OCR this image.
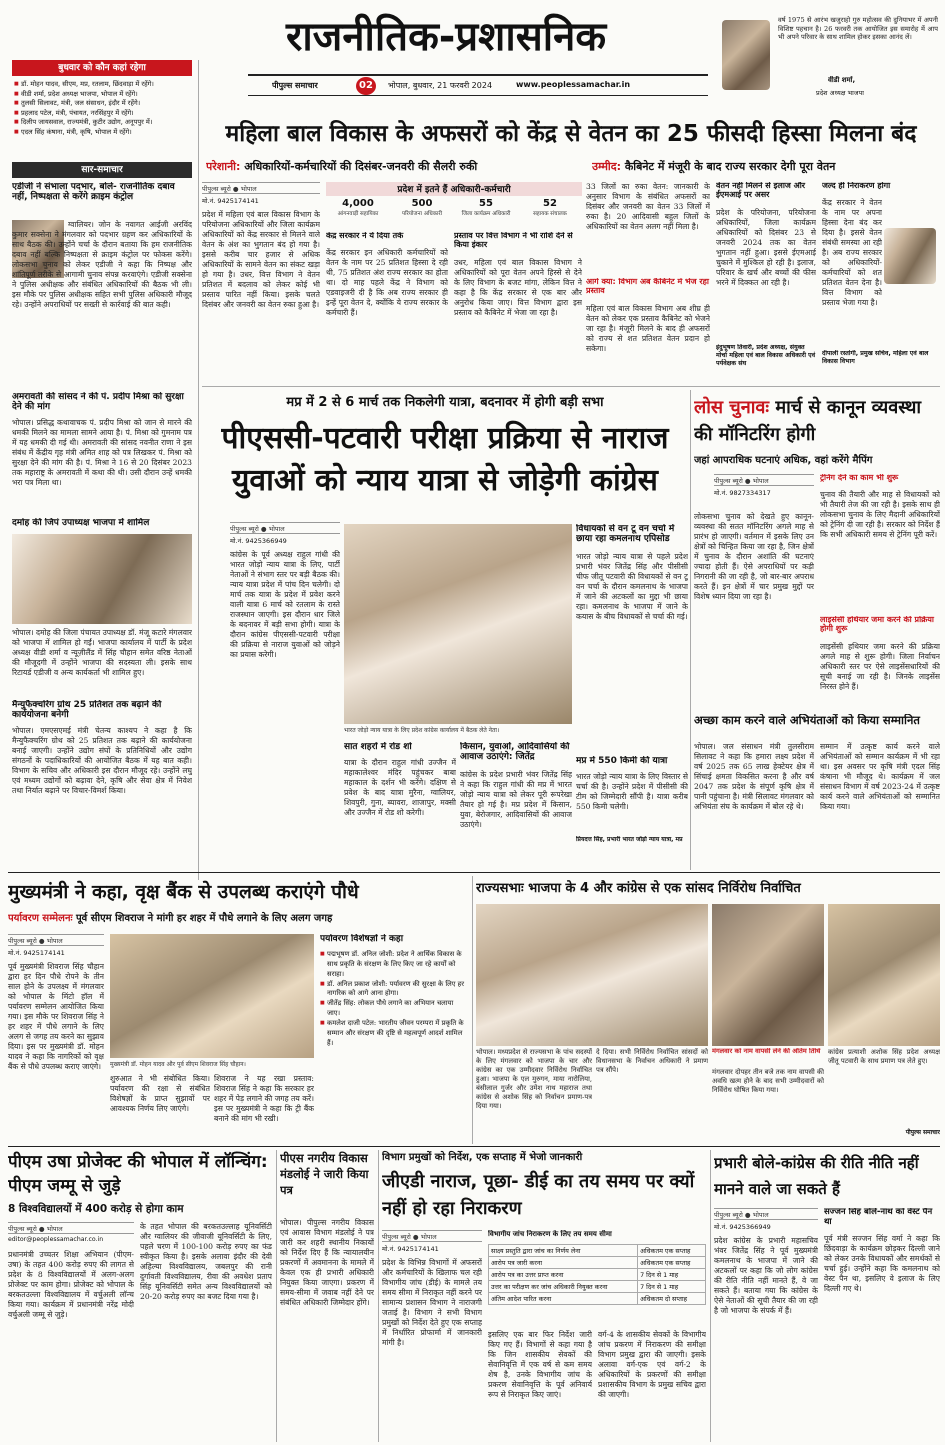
राजनीतिक-प्रशासनिक
पीपुल्स समाचार	02	भोपाल, बुधवार, 21 फरवरी 2024	www.peoplessamachar.in
वर्ष 1975 से आरंभ खजुराहो गुरु महोत्सव की दुनियाभर में अपनी विशिष्ट पहचान है। 26 फरवरी तक आयोजित इस समारोह में आप भी अपने परिवार के साथ शामिल होकर इसका आनंद लें।
वीडी शर्मा,
प्रदेश अध्यक्ष भाजपा
बुधवार को कौन कहां रहेगा
■ डॉ. मोहन यादव, सीएम, मप्र, रतलाम, छिंदवाड़ा में रहेंगे।
■ वीडी शर्मा, प्रदेश अध्यक्ष भाजपा, भोपाल में रहेंगे।
■ तुलसी सिलावट, मंत्री, जल संसाधन, इंदौर में रहेंगे।
■ प्रहलाद पटेल, मंत्री, पंचायत, नरसिंहपुर में रहेंगे।
■ दिलीप जायसवाल, राज्यमंत्री, कुटीर उद्योग, अनूपपुर में।
■ एदल सिंह कंषाना, मंत्री, कृषि, भोपाल में रहेंगे।
सार-समाचार
एडीजी ने संभाला पदभार, बोले- राजनीतिक दबाव नहीं, निष्पक्षता से करेंगे क्राइम कंट्रोल
ग्वालियर। जोन के नवागत आईजी अरविंद कुमार सक्सेना ने मंगलवार को पदभार ग्रहण कर अधिकारियों के साथ बैठक की। उन्होंने चर्चा के दौरान बताया कि हम राजनीतिक दबाव नहीं बल्कि निष्पक्षता से क्राइम कंट्रोल पर फोकस करेंगे। लोकसभा चुनाव को लेकर एडीजी ने कहा कि निष्पक्ष और शांतिपूर्ण तरीके से आगामी चुनाव संपन्न करवाएंगे। एडीजी सक्सेना ने पुलिस अधीक्षक और संबंधित अधिकारियों की बैठक भी ली। इस मौके पर पुलिस अधीक्षक सहित सभी पुलिस अधिकारी मौजूद रहे। उन्होंने अपराधियों पर सख्ती से कार्रवाई की बात कही।
अमरावती की सांसद ने की पं. प्रदीप मिश्रा को सुरक्षा देने की मांग
भोपाल। प्रसिद्ध कथावाचक पं. प्रदीप मिश्रा को जान से मारने की धमकी मिलने का मामला सामने आया है। पं. मिश्रा को गुमनाम पत्र में यह धमकी दी गई थी। अमरावती की सांसद नवनीत राणा ने इस संबंध में केंद्रीय गृह मंत्री अमित शाह को पत्र लिखकर पं. मिश्रा को सुरक्षा देने की मांग की है। पं. मिश्रा ने 16 से 20 दिसंबर 2023 तक महाराष्ट्र के अमरावती में कथा की थी। उसी दौरान उन्हें धमकी भरा पत्र मिला था।
दमोह की जिपं उपाध्यक्ष भाजपा में शामिल
भोपाल। दमोह की जिला पंचायत उपाध्यक्ष डॉ. मंजू कटारे मंगलवार को भाजपा में शामिल हो गईं। भाजपा कार्यालय में पार्टी के प्रदेश अध्यक्ष वीडी शर्मा व न्यूज़ीलैंड में सिंह चौहान समेत वरिष्ठ नेताओं की मौजूदगी में उन्होंने भाजपा की सदस्यता ली। इसके साथ रिटायर्ड एडीजी व अन्य कार्यकर्ता भी शामिल हुए।
मैन्युफैक्चरिंग ग्रोथ 25 प्रतिशत तक बढ़ाने की कार्ययोजना बनेगी
भोपाल। एमएसएमई मंत्री चेतन्य काश्यप ने कहा है कि मैन्युफैक्चरिंग ग्रोथ को 25 प्रतिशत तक बढ़ाने की कार्ययोजना बनाई जाएगी। उन्होंने उद्योग संघों के प्रतिनिधियों और उद्योग संगठनों के पदाधिकारियों की आयोजित बैठक में यह बात कही। विभाग के सचिव और अधिकारी इस दौरान मौजूद रहे। उन्होंने लघु एवं मध्यम उद्योगों को बढ़ावा देने, कृषि और सेवा क्षेत्र में निवेश तथा निर्यात बढ़ाने पर विचार-विमर्श किया।
महिला बाल विकास के अफसरों को केंद्र से वेतन का 25 फीसदी हिस्सा मिलना बंद
परेशानी: अधिकारियों-कर्मचारियों की दिसंबर-जनवरी की सैलरी रुकी	उम्मीद: कैबिनेट में मंजूरी के बाद राज्य सरकार देगी पूरा वेतन
पीपुल्स ब्यूरो ● भोपाल
मो.नं. 9425174141
प्रदेश में महिला एवं बाल विकास विभाग के परियोजना अधिकारियों और जिला कार्यक्रम अधिकारियों को केंद्र सरकार से मिलने वाले वेतन के अंश का भुगतान बंद हो गया है। इससे करीब चार हजार से अधिक अधिकारियों के सामने वेतन का संकट खड़ा हो गया है। उधर, वित्त विभाग ने वेतन प्रतिशत में बदलाव को लेकर कोई भी प्रस्ताव पारित नहीं किया। इसके चलते दिसंबर और जनवरी का वेतन रुका हुआ है।
प्रदेश में इतने हैं अधिकारी-कर्मचारी
4,000
आंगनवाड़ी सहायिका
500
परियोजना अधिकारी
55
जिला कार्यक्रम अधिकारी
52
सहायक संचालक
केंद्र सरकार ने ये दिया तर्क
केंद्र सरकार इन अधिकारी कर्मचारियों को वेतन के नाम पर 25 प्रतिशत हिस्सा दे रही थी, 75 प्रतिशत अंश राज्य सरकार का होता था। दो माह पहले केंद्र ने विभाग को एडवाइजरी दी है कि अब राज्य सरकार ही इन्हें पूरा वेतन दे, क्योंकि ये राज्य सरकार के कर्मचारी हैं।
प्रस्ताव पर वित्त विभाग ने भी राशि देने से किया इंकार
उधर, महिला एवं बाल विकास विभाग ने अधिकारियों को पूरा वेतन अपने हिस्से से देने के लिए विभाग के बजट मांगा, लेकिन वित्त ने कहा है कि केंद्र सरकार से एक बार और अनुरोध किया जाए। वित्त विभाग द्वारा इस प्रस्ताव को कैबिनेट में भेजा जा रहा है।
33 जिलों का रुका वेतन: जानकारी के अनुसार विभाग के संबंधित अफसरों का दिसंबर और जनवरी का वेतन 33 जिलों में रुका है। 20 आदिवासी बहुल जिलों के अधिकारियों का वेतन अलग नहीं मिला है।
आगे क्या: विभाग अब कैबिनेट में भेज रहा प्रस्ताव
महिला एवं बाल विकास विभाग अब शीघ्र ही वेतन को लेकर एक प्रस्ताव कैबिनेट को भेजने जा रहा है। मंजूरी मिलने के बाद ही अफसरों को राज्य से शत प्रतिशत वेतन प्रदान हो सकेगा।
वेतन नहीं मिलने से इलाज और ईएमआई पर असर
प्रदेश के परियोजना, परियोजना अधिकारियों, जिला कार्यक्रम अधिकारियों को दिसंबर 23 से जनवरी 2024 तक का वेतन भुगतान नहीं हुआ। इससे ईएमआई चुकाने में मुश्किल हो रही है। इलाज, परिवार के खर्च और बच्चों की फीस भरने में दिक्कत आ रही है।
इंदुभूषण तिवारी, प्रदेश अध्यक्ष, संयुक्त मोर्चा महिला एवं बाल विकास अधिकारी एवं पर्यवेक्षक संघ
जल्द ही निराकरण होगा
केंद्र सरकार ने वेतन के नाम पर अपना हिस्सा देना बंद कर दिया है। इससे वेतन संबंधी समस्या आ रही है। अब राज्य सरकार को अधिकारियों-कर्मचारियों को शत प्रतिशत वेतन देना है। वित्त विभाग को प्रस्ताव भेजा गया है।
दीपाली रस्तोगी, प्रमुख सचिव, महिला एवं बाल विकास विभाग
मप्र में 2 से 6 मार्च तक निकलेगी यात्रा, बदनावर में होगी बड़ी सभा
पीएससी-पटवारी परीक्षा प्रक्रिया से नाराज युवाओं को न्याय यात्रा से जोड़ेगी कांग्रेस
पीपुल्स ब्यूरो ● भोपाल
मो.नं. 9425366949
कांग्रेस के पूर्व अध्यक्ष राहुल गांधी की भारत जोड़ो न्याय यात्रा के लिए, पार्टी नेताओं ने संभाग स्तर पर बड़ी बैठक की। न्याय यात्रा प्रदेश में पांच दिन चलेगी। दो मार्च तक यात्रा के प्रदेश में प्रवेश करने वाली यात्रा 6 मार्च को रतलाम के रास्ते राजस्थान जाएगी। इस दौरान धार जिले के बदनावर में बड़ी सभा होगी। यात्रा के दौरान कांग्रेस पीएससी-पटवारी परीक्षा की प्रक्रिया से नाराज युवाओं को जोड़ने का प्रयास करेगी।
भारत जोड़ो न्याय यात्रा के लिए प्रदेश कांग्रेस कार्यालय में बैठक लेते नेता।
सात शहरों में रोड शो
यात्रा के दौरान राहुल गांधी उज्जैन में महाकालेश्वर मंदिर पहुंचकर बाबा महाकाल के दर्शन भी करेंगे। दक्षिण से प्रवेश के बाद यात्रा मुरैना, ग्वालियर, शिवपुरी, गुना, ब्यावरा, शाजापुर, मक्सी और उज्जैन में रोड शो करेगी।
किसान, युवाओं, आदिवासियों की आवाज उठाएंगे: जितेंद्र
कांग्रेस के प्रदेश प्रभारी भंवर जितेंद्र सिंह ने कहा कि राहुल गांधी की मप्र में भारत जोड़ो न्याय यात्रा को लेकर पूरी रूपरेखा तैयार हो गई है। मप्र प्रदेश में किसान, युवा, बेरोजगार, आदिवासियों की आवाज उठाएंगे।
विधायकों से वन टू वन चर्चा में छाया रहा कमलनाथ एपिसोड
भारत जोड़ो न्याय यात्रा से पहले प्रदेश प्रभारी भंवर जितेंद्र सिंह और पीसीसी चीफ जीतू पटवारी की विधायकों से वन टू वन चर्चा के दौरान कमलनाथ के भाजपा में जाने की अटकलों का मुद्दा भी छाया रहा। कमलनाथ के भाजपा में जाने के कयास के बीच विधायकों से चर्चा की गई।
मप्र में 550 किमी की यात्रा
भारत जोड़ो न्याय यात्रा के लिए विस्तार से चर्चा की है। उन्होंने प्रदेश में पीसीसी की टीम को जिम्मेदारी सौंपी है। यात्रा करीब 550 किमी चलेगी।
प्रियदत्त सिंह, प्रभारी भारत जोड़ो न्याय यात्रा, मप्र
लोस चुनावः मार्च से कानून व्यवस्था की मॉनिटरिंग होगी
जहां आपराधिक घटनाएं अधिक, वहां करेंगे मैपिंग
पीपुल्स ब्यूरो ● भोपाल
मो.नं. 9827334317
लोकसभा चुनाव को देखते हुए कानून-व्यवस्था की सतत मॉनिटरिंग अगले माह से प्रारंभ हो जाएगी। वर्तमान में इसके लिए उन क्षेत्रों को चिन्हित किया जा रहा है, जिन क्षेत्रों में चुनाव के दौरान अशांति की घटनाएं ज्यादा होती हैं। ऐसे अपराधियों पर कड़ी निगरानी की जा रही है, जो बार-बार अपराध करते हैं। इन क्षेत्रों में चार प्रमुख मुद्दों पर विशेष ध्यान दिया जा रहा है।
ट्रेनिंग देने का काम भी शुरू
चुनाव की तैयारी और माह से विधायकों को भी तैयारी तेज की जा रही है। इसके साथ ही लोकसभा चुनाव के लिए मैदानी अधिकारियों को ट्रेनिंग दी जा रही है। सरकार को निर्देश हैं कि सभी अधिकारी समय से ट्रेनिंग पूरी करें।
लाइसेंसी हथियार जमा करने की प्रक्रिया होगी शुरू
लाइसेंसी हथियार जमा करने की प्रक्रिया अगले माह से शुरू होगी। जिला निर्वाचन अधिकारी स्तर पर ऐसे लाइसेंसधारियों की सूची बनाई जा रही है। जिनके लाइसेंस निरस्त होने हैं।
अच्छा काम करने वाले अभियंताओं को किया सम्मानित
भोपाल। जल संसाधन मंत्री तुलसीराम सिलावट ने कहा कि हमारा लक्ष्य प्रदेश में वर्ष 2025 तक 65 लाख हेक्टेयर क्षेत्र में सिंचाई क्षमता विकसित करना है और वर्ष 2047 तक प्रदेश के संपूर्ण कृषि क्षेत्र में पानी पहुंचाना है। मंत्री सिलावट मंगलवार को अभियंता संघ के कार्यक्रम में बोल रहे थे।
सम्मान में उत्कृष्ट कार्य करने वाले अभियंताओं को सम्मान कार्यक्रम में भी रहा था। इस अवसर पर कृषि मंत्री एदल सिंह कंषाना भी मौजूद थे। कार्यक्रम में जल संसाधन विभाग में वर्ष 2023-24 में उत्कृष्ट कार्य करने वाले अभियंताओं को सम्मानित किया गया।
मुख्यमंत्री ने कहा, वृक्ष बैंक से उपलब्ध कराएंगे पौधे
पर्यावरण सम्मेलनः पूर्व सीएम शिवराज ने मांगी हर शहर में पौधे लगाने के लिए अलग जगह
पीपुल्स ब्यूरो ● भोपाल
मो.नं. 9425174141
पूर्व मुख्यमंत्री शिवराज सिंह चौहान द्वारा हर दिन पौधे रोपने के तीन साल होने के उपलक्ष्य में मंगलवार को भोपाल के मिंटो हॉल में पर्यावरण सम्मेलन आयोजित किया गया। इस मौके पर शिवराज सिंह ने हर शहर में पौधे लगाने के लिए अलग से जगह तय करने का सुझाव दिया। इस पर मुख्यमंत्री डॉ. मोहन यादव ने कहा कि नागरिकों को वृक्ष बैंक से पौधे उपलब्ध कराए जाएंगे।	मुख्यमंत्री डॉ. मोहन यादव और पूर्व सीएम शिवराज सिंह चौहान।
शुरुआत ने भी संबोधित किया। पर्यावरण की रक्षा से संबंधित विशेषज्ञों के प्राप्त सुझावों पर आवश्यक निर्णय लिए जाएंगे।
शिवराज ने यह रखा प्रस्ताव: शिवराज सिंह ने कहा कि सरकार हर शहर में पेड़ लगाने की जगह तय करें। इस पर मुख्यमंत्री ने कहा कि ट्री बैंक बनाने की मांग भी रखी।
पर्यावरण विशेषज्ञों ने कहा
■ पद्मभूषण डॉ. अनिल जोशी: प्रदेश ने आर्थिक विकास के साथ प्रकृति के संरक्षण के लिए किए जा रहे कार्यों को सराहा।
■ डॉ. अनिल प्रकाश जोशी: पर्यावरण की सुरक्षा के लिए हर नागरिक को आगे आना होगा।
■ जीतेंद्र सिंह: लोकल पौधे लगाने का अभियान चलाया जाए।
■ कमलेश दाजी पटेल: भारतीय जीवन परम्परा में प्रकृति के सम्मान और संरक्षण की दृष्टि से महत्वपूर्ण आदर्श शामिल हैं।
राज्यसभाः भाजपा के 4 और कांग्रेस से एक सांसद निर्विरोध निर्वाचित
भोपाल। मध्यप्रदेश से राज्यसभा के पांच सदस्यों के लिए मंगलवार को भाजपा के चार और कांग्रेस का एक उम्मीदवार निर्विरोध निर्वाचित हुआ। भाजपा के एल मुरुगन, माया नारोलिया, बंसीलाल गुर्जर और उमेश नाथ महाराज तथा कांग्रेस से अशोक सिंह को निर्वाचन प्रमाण-पत्र दिया गया।
दे दिया। सभी निर्विरोध निर्वाचित सांसदों को विधानसभा के निर्वाचन अधिकारी ने प्रमाण पत्र सौंपे।
मंगलवार को नाम वापसी लेने की अंतिम तिथि
मंगलवार दोपहर तीन बजे तक नाम वापसी की अवधि खत्म होने के बाद सभी उम्मीदवारों को निर्विरोध घोषित किया गया।
कांग्रेस प्रत्याशी अशोक सिंह प्रदेश अध्यक्ष जीतू पटवारी के साथ प्रमाण पत्र लेते हुए।
पीपुल्स समाचार
पीएम उषा प्रोजेक्ट की भोपाल में लॉन्चिंग: पीएम जम्मू से जुड़े
8 विश्वविद्यालयों में 400 करोड़ से होगा काम
पीपुल्स ब्यूरो ● भोपाल
editor@peoplessamachar.co.in
प्रधानमंत्री उच्चतर शिक्षा अभियान (पीएम-उषा) के तहत 400 करोड़ रुपए की लागत से प्रदेश के 8 विश्वविद्यालयों में अलग-अलग प्रोजेक्ट पर काम होगा। प्रोजेक्ट को भोपाल के बरकतउल्ला विश्वविद्यालय में वर्चुअली लॉन्च किया गया। कार्यक्रम में प्रधानमंत्री नरेंद्र मोदी वर्चुअली जम्मू से जुड़े।
के तहत भोपाल की बरकतउल्लाह यूनिवर्सिटी और ग्वालियर की जीवाजी यूनिवर्सिटी के लिए, पहले चरण में 100-100 करोड़ रुपए का फंड स्वीकृत किया है। इसके अलावा इंदौर की देवी अहिल्या विश्वविद्यालय, जबलपुर की रानी दुर्गावती विश्वविद्यालय, रीवा की अवधेश प्रताप सिंह यूनिवर्सिटी समेत अन्य विश्वविद्यालयों को 20-20 करोड़ रुपए का बजट दिया गया है।
पीएस नगरीय विकास मंडलोई ने जारी किया पत्र
भोपाल। पीपुल्स नगरीय विकास एवं आवास विभाग मंडलोई ने पत्र जारी कर शहरी स्थानीय निकायों को निर्देश दिए हैं कि न्यायालयीन प्रकरणों में अवमानना के मामले में केवल एक ही प्रभारी अधिकारी नियुक्त किया जाएगा। प्रकरण में समय-सीमा में जवाब नहीं देने पर संबंधित अधिकारी जिम्मेदार होंगे।
विभाग प्रमुखों को निर्देश, एक सप्ताह में भेजो जानकारी
जीएडी नाराज, पूछा- डीई का तय समय पर क्यों नहीं हो रहा निराकरण
पीपुल्स ब्यूरो ● भोपाल
मो.नं. 9425174141
प्रदेश के विभिन्न विभागों में अफसरों और कर्मचारियों के खिलाफ चल रही विभागीय जांच (डीई) के मामले तय समय सीमा में निराकृत नहीं करने पर सामान्य प्रशासन विभाग ने नाराजगी जताई है। विभाग ने सभी विभाग प्रमुखों को निर्देश देते हुए एक सप्ताह में निर्धारित प्रोफार्मा में जानकारी मांगी है।
विभागीय जांच निराकरण के लिए तय समय सीमा
साक्ष्य प्रस्तुति द्वारा जांच का निर्णय लेना	अधिकतम एक सप्ताह
आरोप पत्र जारी करना	अधिकतम एक सप्ताह
आरोप पत्र का उत्तर प्राप्त करना	7 दिन से 1 माह
उत्तर का परीक्षण कर जांच अधिकारी नियुक्त करना	7 दिन से 1 माह
अंतिम आदेश पारित करना	अधिकतम दो सप्ताह
इसलिए एक बार फिर निर्देश जारी किए गए हैं। विभागों से कहा गया है कि जिन शासकीय सेवकों की सेवानिवृत्ति में एक वर्ष से कम समय शेष है, उनके विभागीय जांच के प्रकरण सेवानिवृत्ति के पूर्व अनिवार्य रूप से निराकृत किए जाएं।
वर्ग-4 के शासकीय सेवकों के विभागीय जांच प्रकरण में निराकरण की समीक्षा विभाग प्रमुख द्वारा की जाएगी। इसके अलावा वर्ग-एक एवं वर्ग-2 के अधिकारियों के प्रकरणों की समीक्षा प्रशासकीय विभाग के प्रमुख सचिव द्वारा की जाएगी।
प्रभारी बोले-कांग्रेस की रीति नीति नहीं मानने वाले जा सकते हैं
पीपुल्स ब्यूरो ● भोपाल
मो.नं. 9425366949
प्रदेश कांग्रेस के प्रभारी महासचिव भंवर जितेंद्र सिंह ने पूर्व मुख्यमंत्री कमलनाथ के भाजपा में जाने की अटकलों पर कहा कि जो लोग कांग्रेस की रीति नीति नहीं मानते हैं, वे जा सकते हैं। बताया गया कि कांग्रेस के ऐसे नेताओं की सूची तैयार की जा रही है जो भाजपा के संपर्क में हैं।
सज्जन सिंह बोले-नाथ को वेस्ट पैन था
पूर्व मंत्री सज्जन सिंह वर्मा ने कहा कि छिंदवाड़ा के कार्यक्रम छोड़कर दिल्ली जाने को लेकर उनके विधायकों और समर्थकों से चर्चा हुई। उन्होंने कहा कि कमलनाथ को वेस्ट पैन था, इसलिए वे इलाज के लिए दिल्ली गए थे।
